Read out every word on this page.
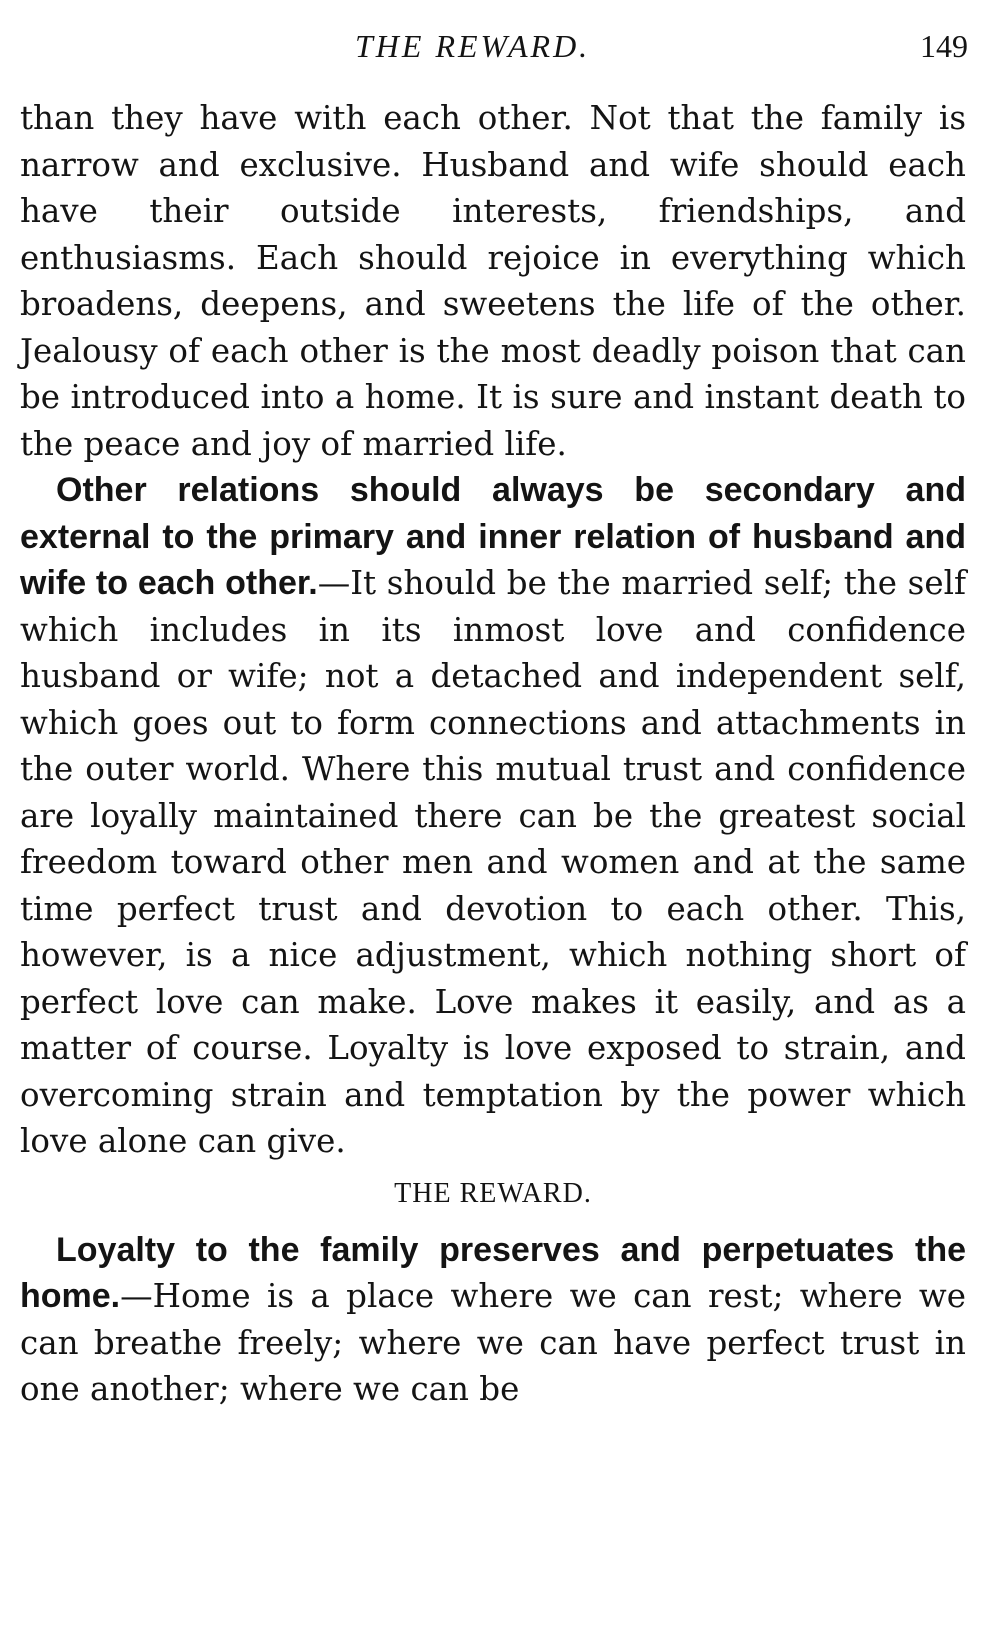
THE REWARD.	149

than they have with each other. Not that the family is narrow and exclusive. Husband and wife should each have their outside interests, friendships, and enthusiasms. Each should rejoice in everything which broadens, deepens, and sweetens the life of the other. Jealousy of each other is the most deadly poison that can be introduced into a home. It is sure and instant death to the peace and joy of married life.

Other relations should always be secondary and external to the primary and inner relation of husband and wife to each other.—It should be the married self; the self which includes in its inmost love and confidence husband or wife; not a detached and independent self, which goes out to form connections and attachments in the outer world. Where this mutual trust and confidence are loyally maintained there can be the greatest social freedom toward other men and women and at the same time perfect trust and devotion to each other. This, however, is a nice adjustment, which nothing short of perfect love can make. Love makes it easily, and as a matter of course. Loyalty is love exposed to strain, and overcoming strain and temptation by the power which love alone can give.

THE REWARD.

Loyalty to the family preserves and perpetuates the home.—Home is a place where we can rest; where we can breathe freely; where we can have perfect trust in one another; where we can be
